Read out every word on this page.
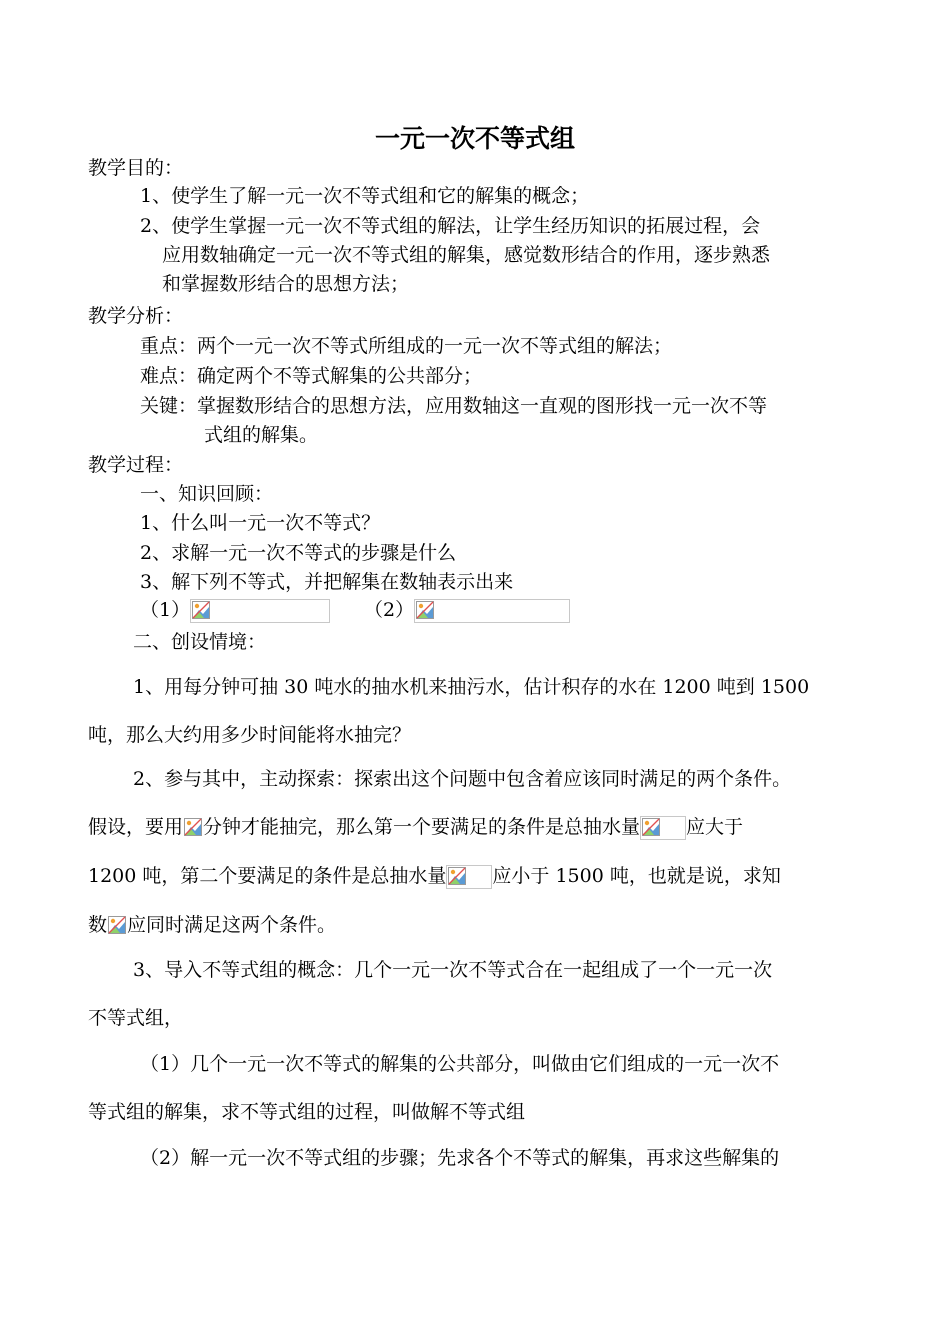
一元一次不等式组
教学目的：
1、使学生了解一元一次不等式组和它的解集的概念；
2、使学生掌握一元一次不等式组的解法，让学生经历知识的拓展过程，会
应用数轴确定一元一次不等式组的解集，感觉数形结合的作用，逐步熟悉
和掌握数形结合的思想方法；
教学分析：
重点：两个一元一次不等式所组成的一元一次不等式组的解法；
难点：确定两个不等式解集的公共部分；
关键：掌握数形结合的思想方法，应用数轴这一直观的图形找一元一次不等
式组的解集。
教学过程：
一、知识回顾：
1、什么叫一元一次不等式？
2、求解一元一次不等式的步骤是什么
3、解下列不等式，并把解集在数轴表示出来
（1）	（2）
二、创设情境：
1、用每分钟可抽 30 吨水的抽水机来抽污水，估计积存的水在 1200 吨到 1500
吨，那么大约用多少时间能将水抽完？
2、参与其中，主动探索：探索出这个问题中包含着应该同时满足的两个条件。
假设，要用 分钟才能抽完，那么第一个要满足的条件是总抽水量 应大于
1200 吨，第二个要满足的条件是总抽水量 应小于 1500 吨，也就是说，求知
数 应同时满足这两个条件。
3、导入不等式组的概念：几个一元一次不等式合在一起组成了一个一元一次
不等式组，
（1）几个一元一次不等式的解集的公共部分，叫做由它们组成的一元一次不
等式组的解集，求不等式组的过程，叫做解不等式组
（2）解一元一次不等式组的步骤；先求各个不等式的解集，再求这些解集的
